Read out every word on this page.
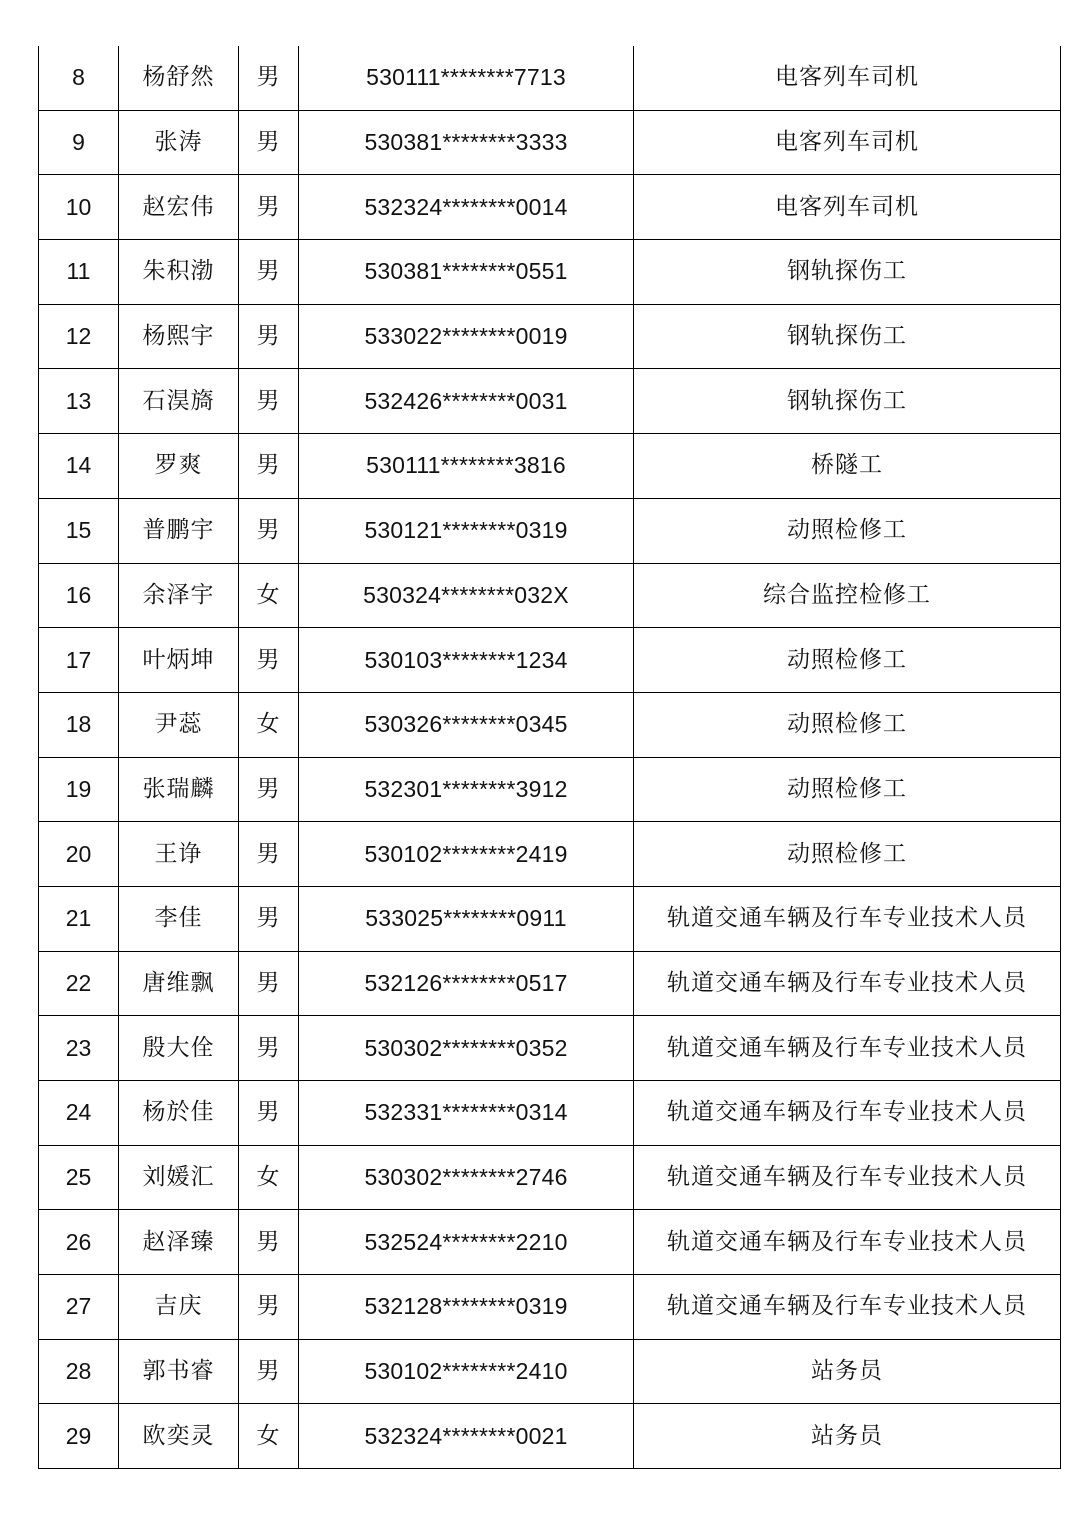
8	杨舒然	男	530111********7713	电客列车司机
9	张涛	男	530381********3333	电客列车司机
10	赵宏伟	男	532324********0014	电客列车司机
11	朱积渤	男	530381********0551	钢轨探伤工
12	杨熙宇	男	533022********0019	钢轨探伤工
13	石淏旖	男	532426********0031	钢轨探伤工
14	罗爽	男	530111********3816	桥隧工
15	普鹏宇	男	530121********0319	动照检修工
16	余泽宇	女	530324********032X	综合监控检修工
17	叶炳坤	男	530103********1234	动照检修工
18	尹蕊	女	530326********0345	动照检修工
19	张瑞麟	男	532301********3912	动照检修工
20	王诤	男	530102********2419	动照检修工
21	李佳	男	533025********0911	轨道交通车辆及行车专业技术人员
22	唐维飘	男	532126********0517	轨道交通车辆及行车专业技术人员
23	殷大佺	男	530302********0352	轨道交通车辆及行车专业技术人员
24	杨於佳	男	532331********0314	轨道交通车辆及行车专业技术人员
25	刘媛汇	女	530302********2746	轨道交通车辆及行车专业技术人员
26	赵泽臻	男	532524********2210	轨道交通车辆及行车专业技术人员
27	吉庆	男	532128********0319	轨道交通车辆及行车专业技术人员
28	郭书睿	男	530102********2410	站务员
29	欧奕灵	女	532324********0021	站务员
